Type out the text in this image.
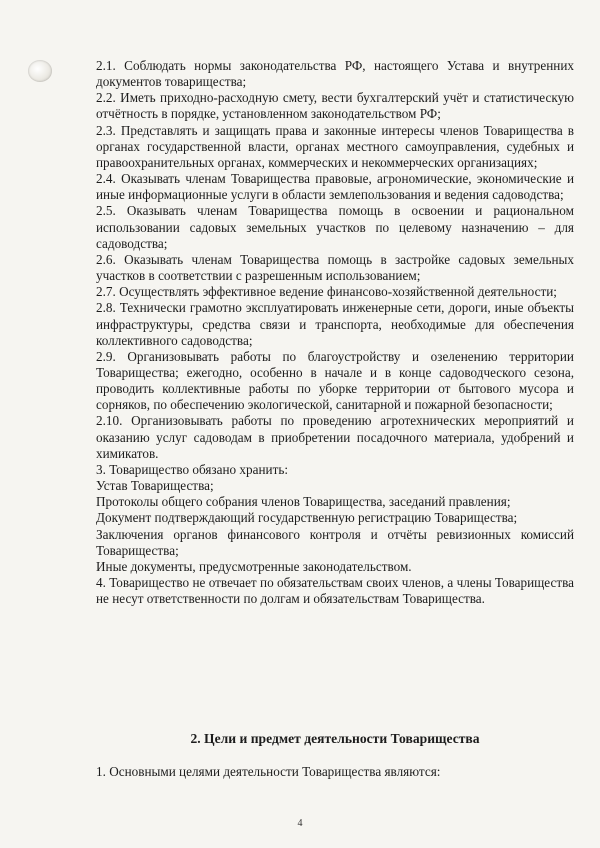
2.1. Соблюдать нормы законодательства РФ, настоящего Устава и внутренних документов товарищества;

2.2. Иметь приходно-расходную смету, вести бухгалтерский учёт и статистическую отчётность в порядке, установленном законодательством РФ;

2.3. Представлять и защищать права и законные интересы членов Товарищества в органах государственной власти, органах местного самоуправления, судебных и правоохранительных органах, коммерческих и некоммерческих организациях;

2.4. Оказывать членам Товарищества правовые, агрономические, экономические и иные информационные услуги в области землепользования и ведения садоводства;

2.5. Оказывать членам Товарищества помощь в освоении и рациональном использовании садовых земельных участков по целевому назначению – для садоводства;

2.6. Оказывать членам Товарищества помощь в застройке садовых земельных участков в соответствии с разрешенным использованием;

2.7. Осуществлять эффективное ведение финансово-хозяйственной деятельности;

2.8. Технически грамотно эксплуатировать инженерные сети, дороги, иные объекты инфраструктуры, средства связи и транспорта, необходимые для обеспечения коллективного садоводства;

2.9. Организовывать работы по благоустройству и озеленению территории Товарищества; ежегодно, особенно в начале и в конце садоводческого сезона, проводить коллективные работы по уборке территории от бытового мусора и сорняков, по обеспечению экологической, санитарной и пожарной безопасности;

2.10. Организовывать работы по проведению агротехнических мероприятий и оказанию услуг садоводам в приобретении посадочного материала, удобрений и химикатов.

3. Товарищество обязано хранить:

Устав Товарищества;

Протоколы общего собрания членов Товарищества, заседаний правления;

Документ подтверждающий государственную регистрацию Товарищества;

Заключения органов финансового контроля и отчёты ревизионных комиссий Товарищества;

Иные документы, предусмотренные законодательством.

4. Товарищество не отвечает по обязательствам своих членов, а члены Товарищества не несут ответственности по долгам и обязательствам Товарищества.

2. Цели и предмет деятельности Товарищества
1. Основными целями деятельности Товарищества являются:
4
